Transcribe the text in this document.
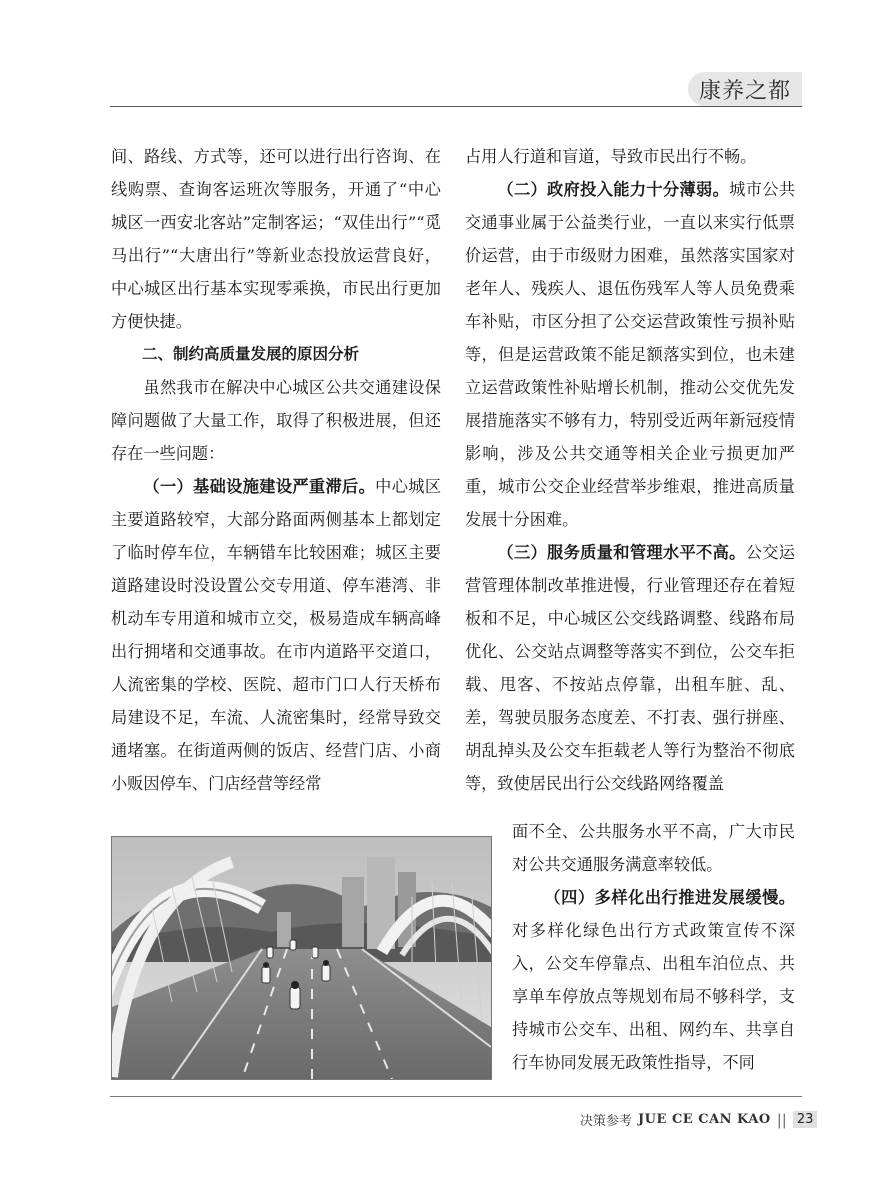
康养之都

间、路线、方式等，还可以进行出行咨询、在线购票、查询客运班次等服务，开通了“中心城区一西安北客站”定制客运；“双佳出行”“觅马出行”“大唐出行”等新业态投放运营良好，中心城区出行基本实现零乘换，市民出行更加方便快捷。

二、制约高质量发展的原因分析

虽然我市在解决中心城区公共交通建设保障问题做了大量工作，取得了积极进展，但还存在一些问题：

（一）基础设施建设严重滞后。中心城区主要道路较窄，大部分路面两侧基本上都划定了临时停车位，车辆错车比较困难；城区主要道路建设时没设置公交专用道、停车港湾、非机动车专用道和城市立交，极易造成车辆高峰出行拥堵和交通事故。在市内道路平交道口，人流密集的学校、医院、超市门口人行天桥布局建设不足，车流、人流密集时，经常导致交通堵塞。在街道两侧的饭店、经营门店、小商小贩因停车、门店经营等经常

占用人行道和盲道，导致市民出行不畅。

（二）政府投入能力十分薄弱。城市公共交通事业属于公益类行业，一直以来实行低票价运营，由于市级财力困难，虽然落实国家对老年人、残疾人、退伍伤残军人等人员免费乘车补贴，市区分担了公交运营政策性亏损补贴等，但是运营政策不能足额落实到位，也未建立运营政策性补贴增长机制，推动公交优先发展措施落实不够有力，特别受近两年新冠疫情影响，涉及公共交通等相关企业亏损更加严重，城市公交企业经营举步维艰，推进高质量发展十分困难。

（三）服务质量和管理水平不高。公交运营管理体制改革推进慢，行业管理还存在着短板和不足，中心城区公交线路调整、线路布局优化、公交站点调整等落实不到位，公交车拒载、甩客、不按站点停靠，出租车脏、乱、差，驾驶员服务态度差、不打表、强行拼座、胡乱掉头及公交车拒载老人等行为整治不彻底等，致使居民出行公交线路网络覆盖

面不全、公共服务水平不高，广大市民对公共交通服务满意率较低。

（四）多样化出行推进发展缓慢。对多样化绿色出行方式政策宣传不深入，公交车停靠点、出租车泊位点、共享单车停放点等规划布局不够科学，支持城市公交车、出租、网约车、共享自行车协同发展无政策性指导，不同

决策参考 JUE CE CAN KAO || 23
